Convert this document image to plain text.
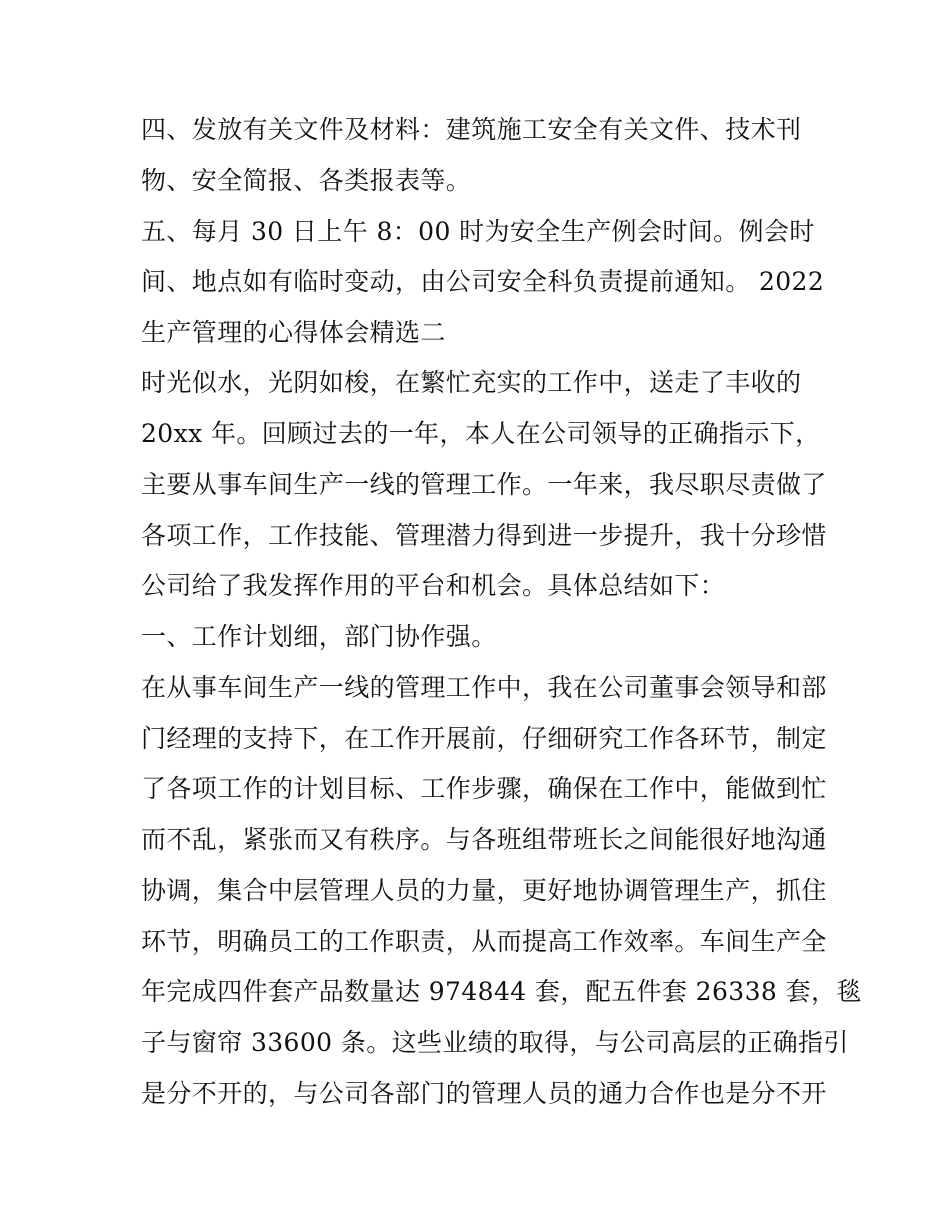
四、发放有关文件及材料：建筑施工安全有关文件、技术刊
物、安全简报、各类报表等。
五、每月 30 日上午 8：00 时为安全生产例会时间。例会时
间、地点如有临时变动，由公司安全科负责提前通知。 2022
生产管理的心得体会精选二
时光似水，光阴如梭，在繁忙充实的工作中，送走了丰收的
20xx 年。回顾过去的一年，本人在公司领导的正确指示下，
主要从事车间生产一线的管理工作。一年来，我尽职尽责做了
各项工作，工作技能、管理潜力得到进一步提升，我十分珍惜
公司给了我发挥作用的平台和机会。具体总结如下：
一、工作计划细，部门协作强。
在从事车间生产一线的管理工作中，我在公司董事会领导和部
门经理的支持下，在工作开展前，仔细研究工作各环节，制定
了各项工作的计划目标、工作步骤，确保在工作中，能做到忙
而不乱，紧张而又有秩序。与各班组带班长之间能很好地沟通
协调，集合中层管理人员的力量，更好地协调管理生产，抓住
环节，明确员工的工作职责，从而提高工作效率。车间生产全
年完成四件套产品数量达 974844 套，配五件套 26338 套，毯
子与窗帘 33600 条。这些业绩的取得，与公司高层的正确指引
是分不开的，与公司各部门的管理人员的通力合作也是分不开
